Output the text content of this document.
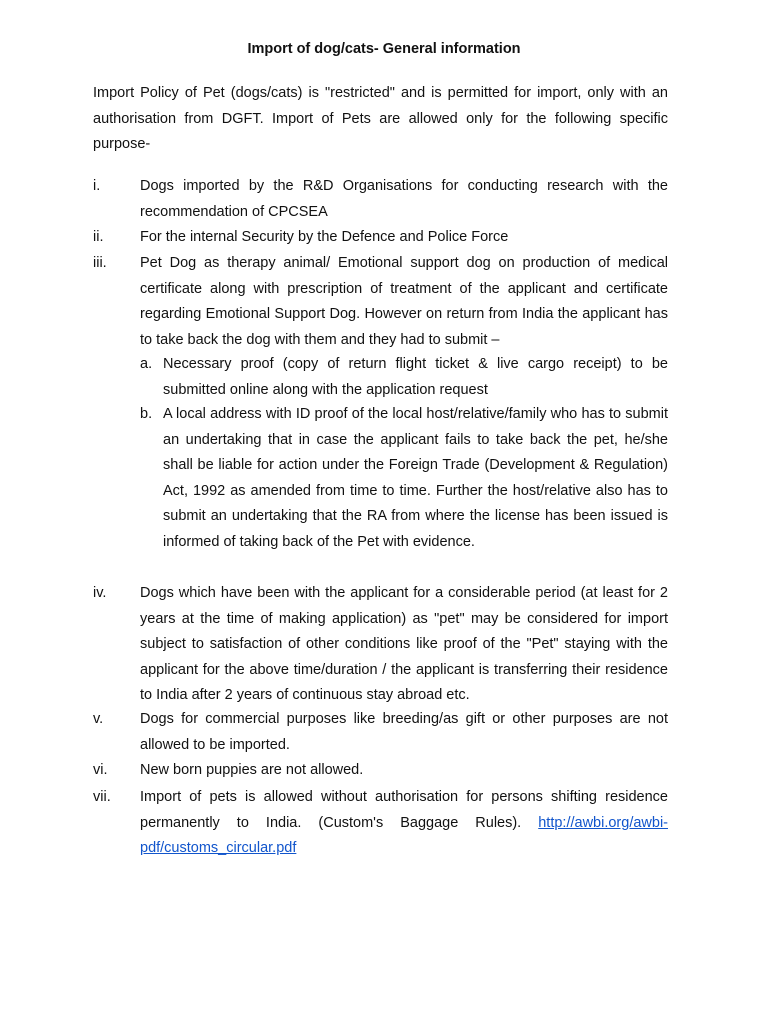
Import of dog/cats- General information
Import Policy of Pet (dogs/cats) is "restricted" and is permitted for import, only with an authorisation from DGFT. Import of Pets are allowed only for the following specific purpose-
i.	Dogs imported by the R&D Organisations for conducting research with the recommendation of CPCSEA
ii.	For the internal Security by the Defence and Police Force
iii. Pet Dog as therapy animal/ Emotional support dog on production of medical certificate along with prescription of treatment of the applicant and certificate regarding Emotional Support Dog. However on return from India the applicant has to take back the dog with them and they had to submit –
a. Necessary proof (copy of return flight ticket & live cargo receipt) to be submitted online along with the application request
b. A local address with ID proof of the local host/relative/family who has to submit an undertaking that in case the applicant fails to take back the pet, he/she shall be liable for action under the Foreign Trade (Development & Regulation) Act, 1992 as amended from time to time. Further the host/relative also has to submit an undertaking that the RA from where the license has been issued is informed of taking back of the Pet with evidence.
iv. Dogs which have been with the applicant for a considerable period (at least for 2 years at the time of making application) as "pet" may be considered for import subject to satisfaction of other conditions like proof of the "Pet" staying with the applicant for the above time/duration / the applicant is transferring their residence to India after 2 years of continuous stay abroad etc.
v.	Dogs for commercial purposes like breeding/as gift or other purposes are not allowed to be imported.
vi. New born puppies are not allowed.
vii. Import of pets is allowed without authorisation for persons shifting residence permanently to India. (Custom's Baggage Rules). http://awbi.org/awbi-pdf/customs_circular.pdf
